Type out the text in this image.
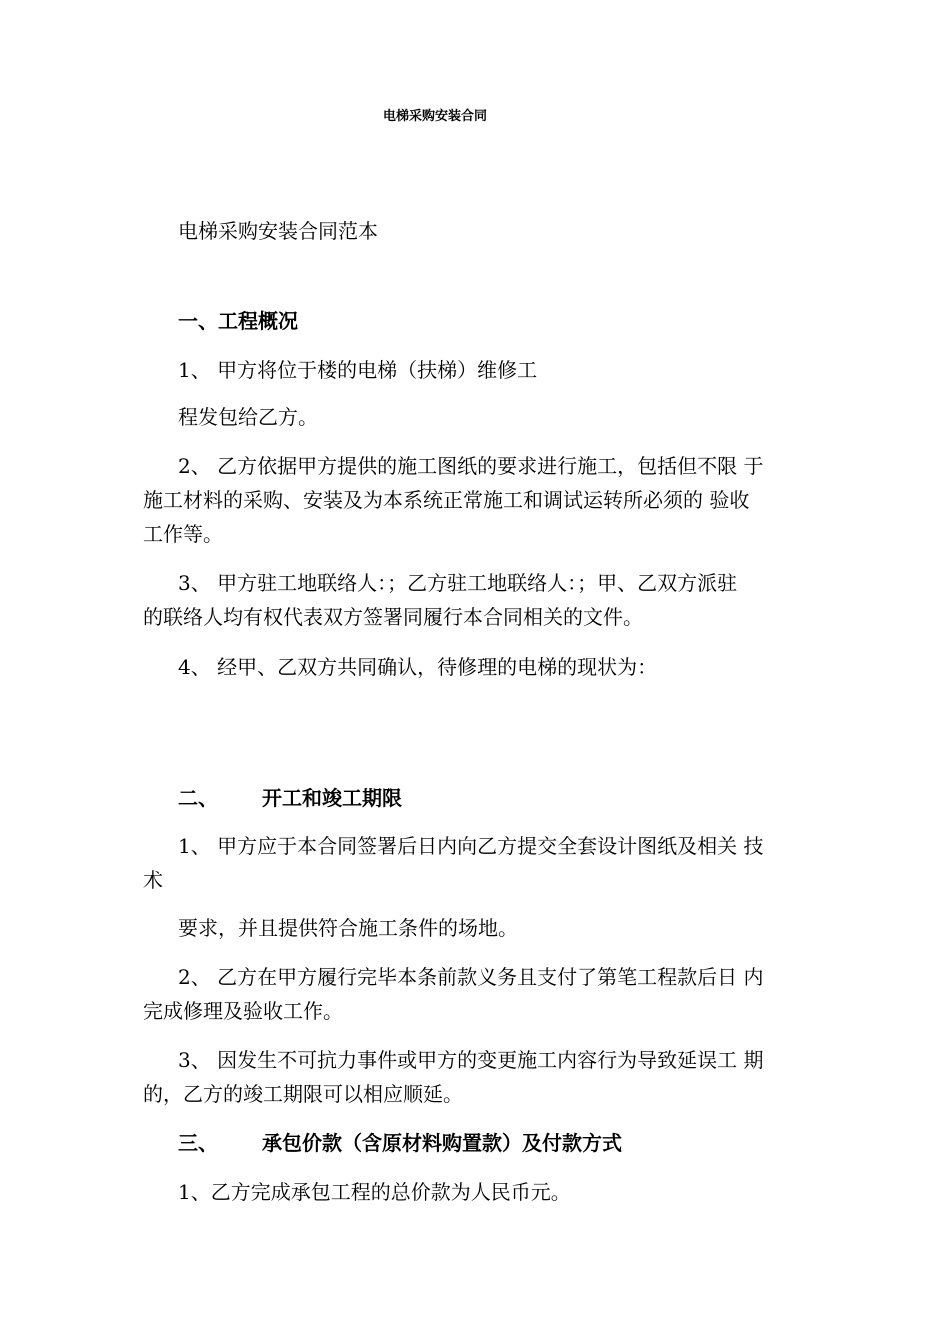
电梯采购安装合同
电梯采购安装合同范本
一、工程概况
1、 甲方将位于楼的电梯（扶梯）维修工
程发包给乙方。
2、 乙方依据甲方提供的施工图纸的要求进行施工，包括但不限 于
施工材料的采购、安装及为本系统正常施工和调试运转所必须的 验收
工作等。
3、 甲方驻工地联络人：；乙方驻工地联络人：；甲、乙双方派驻
的联络人均有权代表双方签署同履行本合同相关的文件。
4、 经甲、乙双方共同确认，待修理的电梯的现状为：
二、 开工和竣工期限
1、 甲方应于本合同签署后日内向乙方提交全套设计图纸及相关 技
术
要求，并且提供符合施工条件的场地。
2、 乙方在甲方履行完毕本条前款义务且支付了第笔工程款后日 内
完成修理及验收工作。
3、 因发生不可抗力事件或甲方的变更施工内容行为导致延误工 期
的，乙方的竣工期限可以相应顺延。
三、 承包价款（含原材料购置款）及付款方式
1、乙方完成承包工程的总价款为人民币元。
